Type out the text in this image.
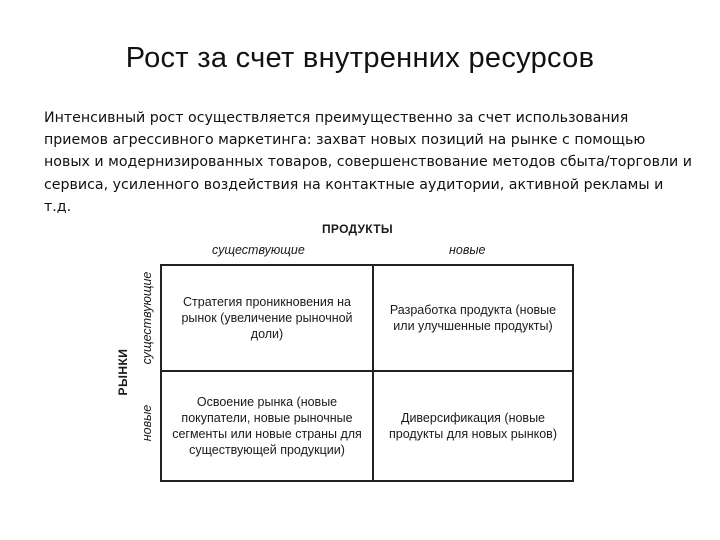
Рост за счет внутренних ресурсов
Интенсивный рост осуществляется преимущественно за счет использования приемов агрессивного маркетинга: захват новых позиций на рынке с помощью новых и модернизированных товаров, совершенствование методов сбыта/торговли и сервиса, усиленного воздействия на контактные аудитории, активной рекламы и т.д.
ПРОДУКТЫ
существующие	новые
РЫНКИ
существующие
новые
Стратегия проникновения на рынок (увеличение рыночной доли)
Разработка продукта (новые или улучшенные продукты)
Освоение рынка (новые покупатели, новые рыночные сегменты или новые страны для существующей продукции)
Диверсификация (новые продукты для новых рынков)
